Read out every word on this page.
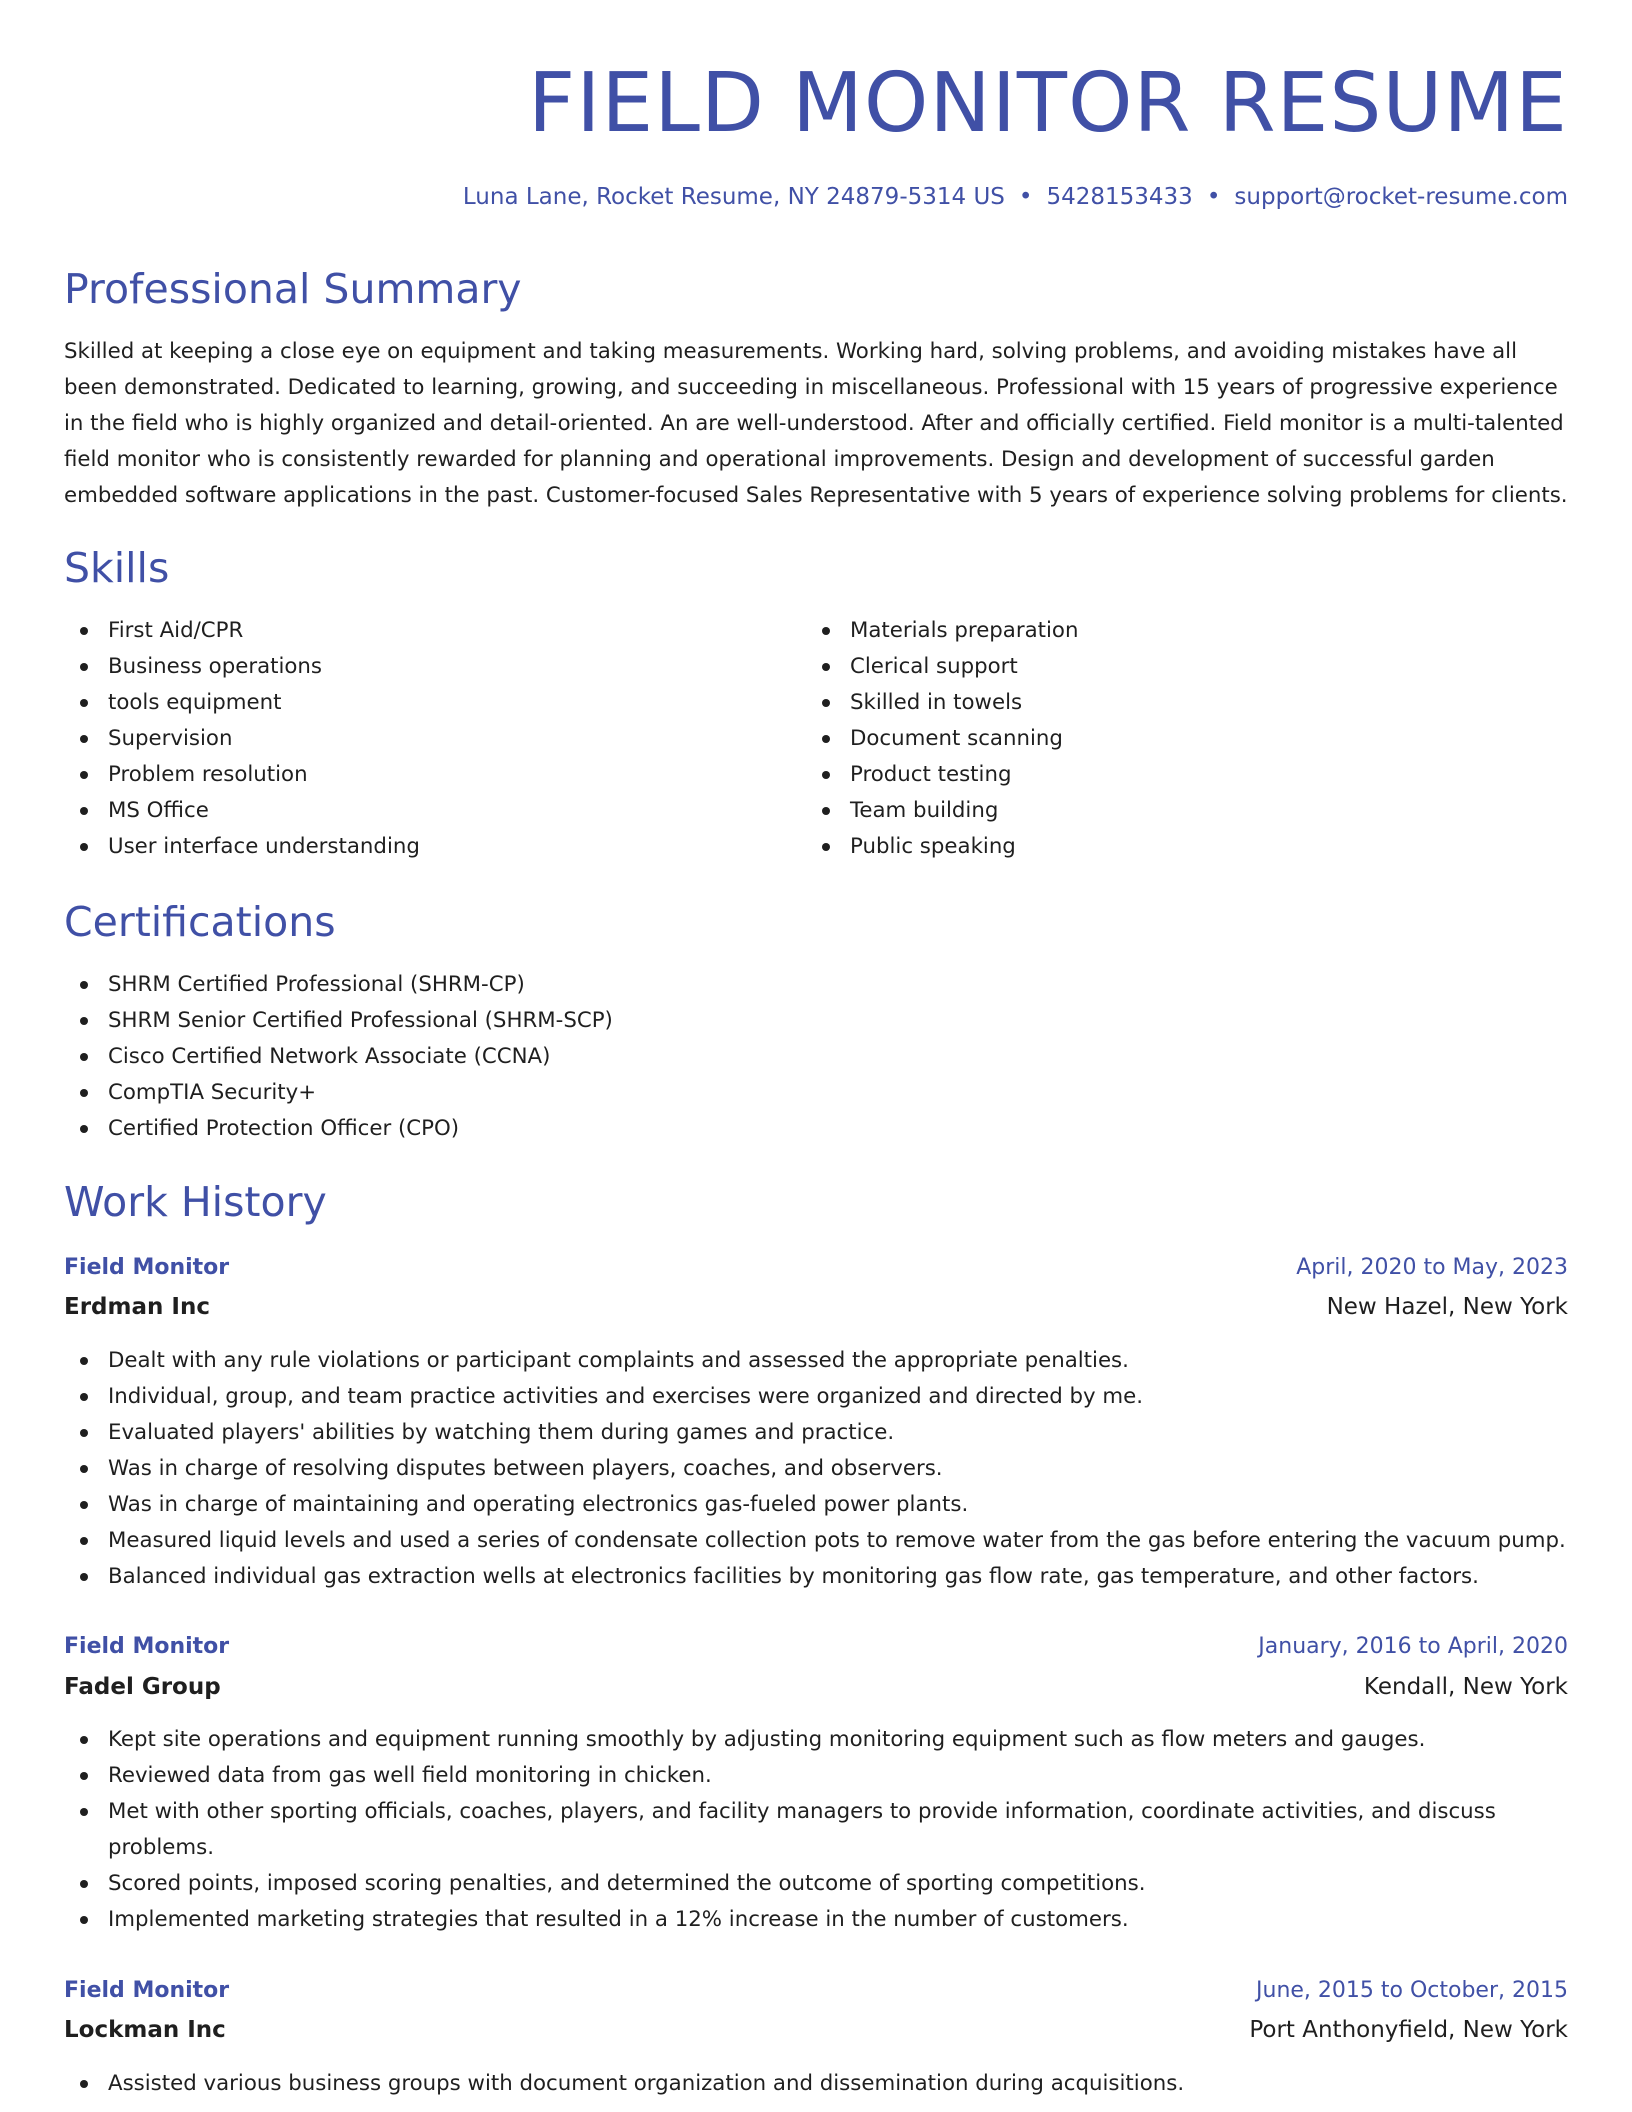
FIELD MONITOR RESUME
Luna Lane, Rocket Resume, NY 24879-5314 US • 5428153433 • support@rocket-resume.com
Professional Summary

Skilled at keeping a close eye on equipment and taking measurements. Working hard, solving problems, and avoiding mistakes have all been demonstrated. Dedicated to learning, growing, and succeeding in miscellaneous. Professional with 15 years of progressive experience in the field who is highly organized and detail-oriented. An are well-understood. After and officially certified. Field monitor is a multi-talented field monitor who is consistently rewarded for planning and operational improvements. Design and development of successful garden embedded software applications in the past. Customer-focused Sales Representative with 5 years of experience solving problems for clients.

Skills
First Aid/CPR
Business operations
tools equipment
Supervision
Problem resolution
MS Office
User interface understanding
Materials preparation
Clerical support
Skilled in towels
Document scanning
Product testing
Team building
Public speaking
Certifications
SHRM Certified Professional (SHRM-CP)
SHRM Senior Certified Professional (SHRM-SCP)
Cisco Certified Network Associate (CCNA)
CompTIA Security+
Certified Protection Officer (CPO)
Work History
Field Monitor	April, 2020 to May, 2023
Erdman Inc	New Hazel, New York
Dealt with any rule violations or participant complaints and assessed the appropriate penalties.
Individual, group, and team practice activities and exercises were organized and directed by me.
Evaluated players' abilities by watching them during games and practice.
Was in charge of resolving disputes between players, coaches, and observers.
Was in charge of maintaining and operating electronics gas-fueled power plants.
Measured liquid levels and used a series of condensate collection pots to remove water from the gas before entering the vacuum pump.
Balanced individual gas extraction wells at electronics facilities by monitoring gas flow rate, gas temperature, and other factors.
Field Monitor	January, 2016 to April, 2020
Fadel Group	Kendall, New York
Kept site operations and equipment running smoothly by adjusting monitoring equipment such as flow meters and gauges.
Reviewed data from gas well field monitoring in chicken.
Met with other sporting officials, coaches, players, and facility managers to provide information, coordinate activities, and discuss problems.
Scored points, imposed scoring penalties, and determined the outcome of sporting competitions.
Implemented marketing strategies that resulted in a 12% increase in the number of customers.
Field Monitor	June, 2015 to October, 2015
Lockman Inc	Port Anthonyfield, New York
Assisted various business groups with document organization and dissemination during acquisitions.
